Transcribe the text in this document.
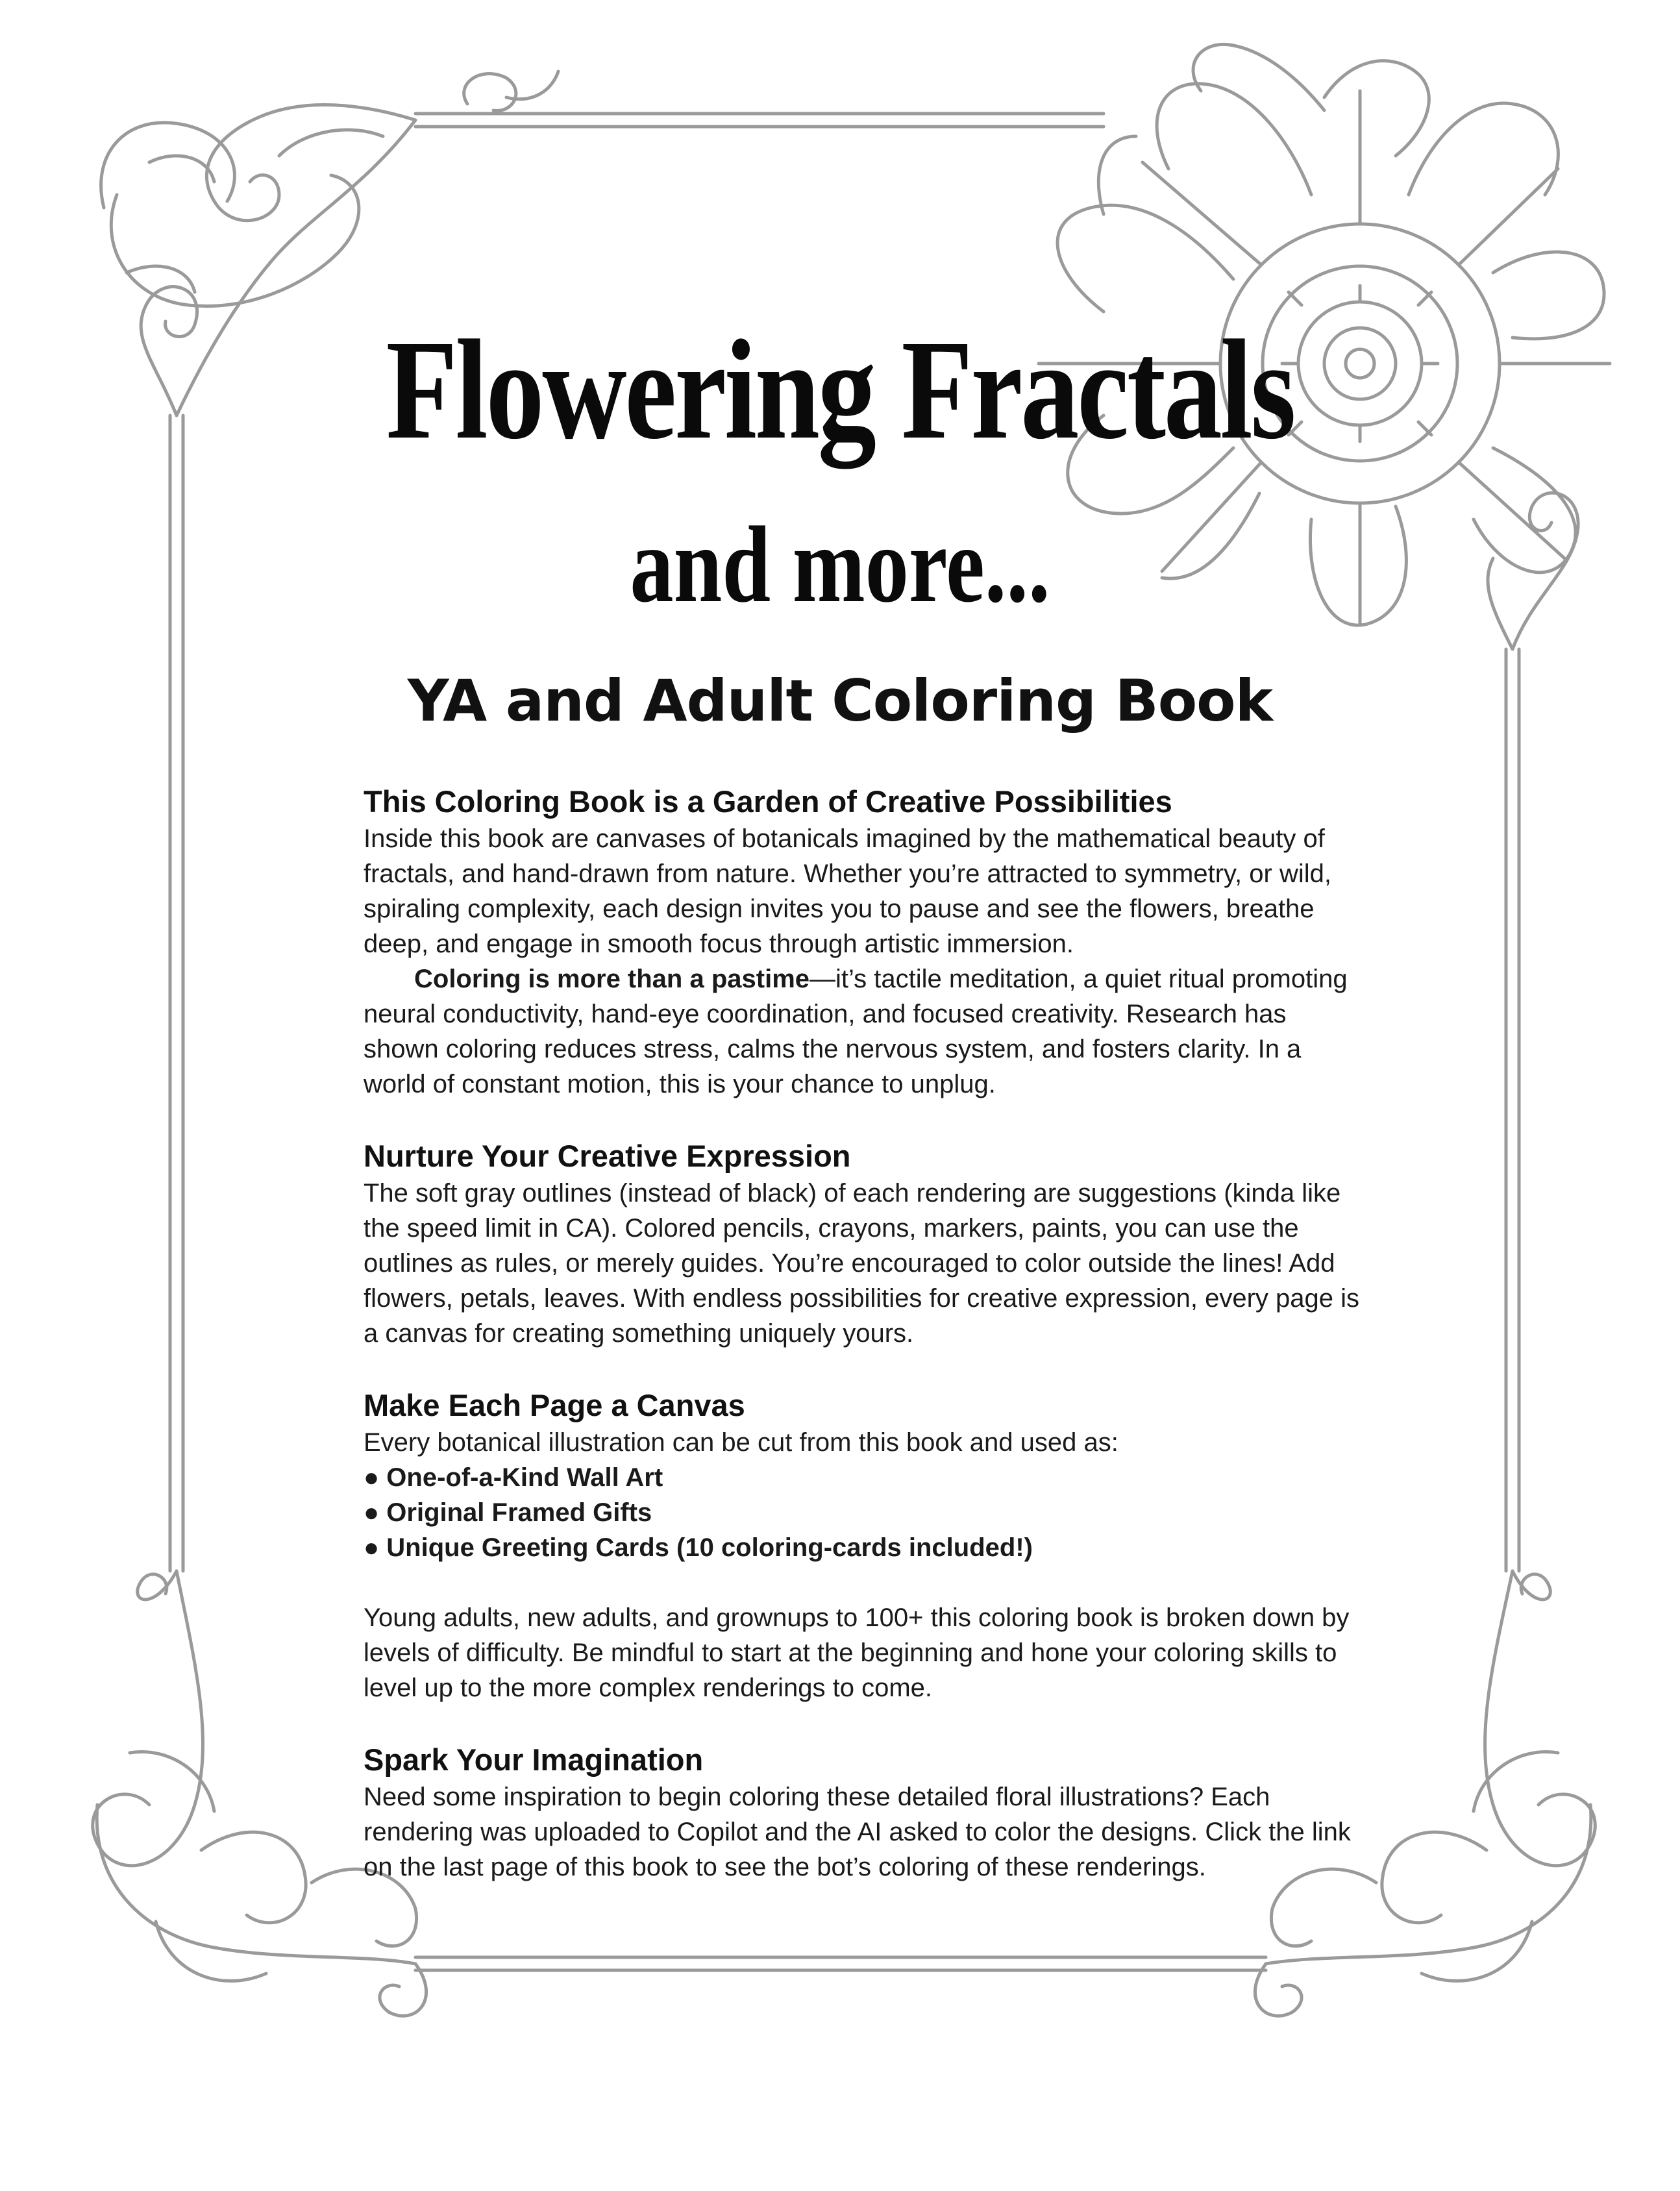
Flowering Fractals
and more...
YA and Adult Coloring Book

This Coloring Book is a Garden of Creative Possibilities

Inside this book are canvases of botanicals imagined by the mathematical beauty of fractals, and hand-drawn from nature. Whether you’re attracted to symmetry, or wild, spiraling complexity, each design invites you to pause and see the flowers, breathe deep, and engage in smooth focus through artistic immersion.

Coloring is more than a pastime—it’s tactile meditation, a quiet ritual promoting neural conductivity, hand-eye coordination, and focused creativity. Research has shown coloring reduces stress, calms the nervous system, and fosters clarity. In a world of constant motion, this is your chance to unplug.

Nurture Your Creative Expression

The soft gray outlines (instead of black) of each rendering are suggestions (kinda like the speed limit in CA). Colored pencils, crayons, markers, paints, you can use the outlines as rules, or merely guides. You’re encouraged to color outside the lines! Add flowers, petals, leaves. With endless possibilities for creative expression, every page is a canvas for creating something uniquely yours.

Make Each Page a Canvas

Every botanical illustration can be cut from this book and used as:

● One-of-a-Kind Wall Art

● Original Framed Gifts

● Unique Greeting Cards (10 coloring-cards included!)

Young adults, new adults, and grownups to 100+ this coloring book is broken down by levels of difficulty. Be mindful to start at the beginning and hone your coloring skills to level up to the more complex renderings to come.

Spark Your Imagination

Need some inspiration to begin coloring these detailed floral illustrations? Each rendering was uploaded to Copilot and the AI asked to color the designs. Click the link on the last page of this book to see the bot’s coloring of these renderings.
